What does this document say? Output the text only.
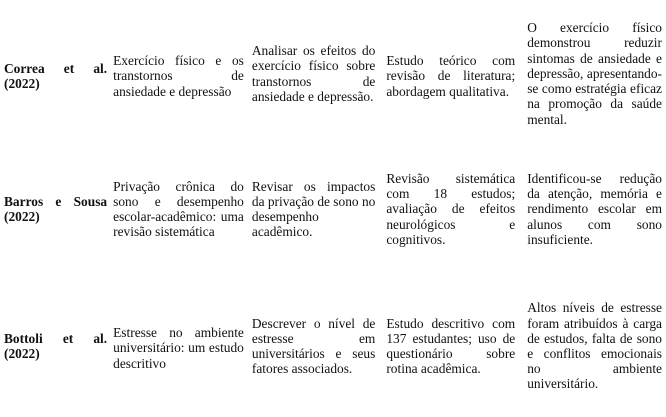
Correa et al. (2022)	Exercício físico e os transtornos de ansiedade e depressão	Analisar os efeitos do exercício físico sobre transtornos de ansiedade e depressão.	Estudo teórico com revisão de literatura; abordagem qualitativa.	O exercício físico demonstrou reduzir sintomas de ansiedade e depressão, apresentando-se como estratégia eficaz na promoção da saúde mental.
Barros e Sousa (2022)	Privação crônica do sono e desempenho escolar-acadêmico: uma revisão sistemática	Revisar os impactos da privação de sono no desempenho acadêmico.	Revisão sistemática com 18 estudos; avaliação de efeitos neurológicos e cognitivos.	Identificou-se redução da atenção, memória e rendimento escolar em alunos com sono insuficiente.
Bottoli et al. (2022)	Estresse no ambiente universitário: um estudo descritivo	Descrever o nível de estresse em universitários e seus fatores associados.	Estudo descritivo com 137 estudantes; uso de questionário sobre rotina acadêmica.	Altos níveis de estresse foram atribuídos à carga de estudos, falta de sono e conflitos emocionais no ambiente universitário.
